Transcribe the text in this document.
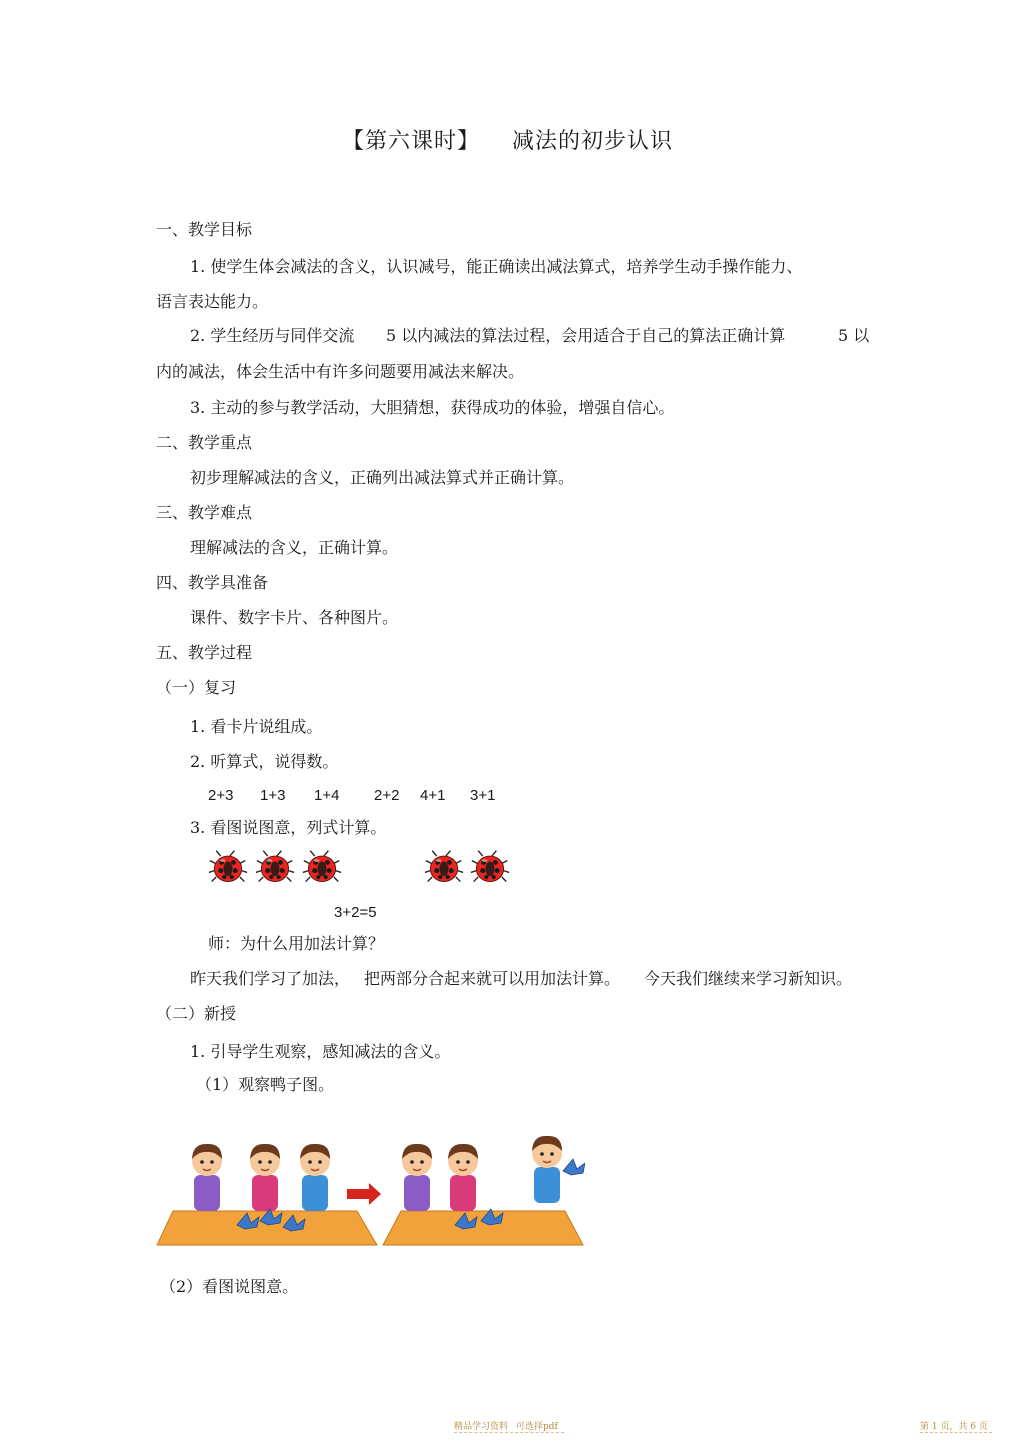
【第六课时】 减法的初步认识
一、教学目标
1. 使学生体会减法的含义，认识减号，能正确读出减法算式，培养学生动手操作能力、
语言表达能力。
2. 学生经历与同伴交流 5 以内减法的算法过程，会用适合于自己的算法正确计算	5 以
内的减法，体会生活中有许多问题要用减法来解决。
3. 主动的参与教学活动，大胆猜想，获得成功的体验，增强自信心。
二、教学重点
初步理解减法的含义，正确列出减法算式并正确计算。
三、教学难点
理解减法的含义，正确计算。
四、教学具准备
课件、数字卡片、各种图片。
五、教学过程
（一）复习
1. 看卡片说组成。
2. 听算式，说得数。
2+3 1+3 1+4 2+2 4+1 3+1
3. 看图说图意，列式计算。
3+2=5
师：为什么用加法计算？
昨天我们学习了加法， 把两部分合起来就可以用加法计算。 今天我们继续来学习新知识。
（二）新授
1. 引导学生观察，感知减法的含义。
（1）观察鸭子图。
（2）看图说图意。
精品学习资料 可选择pdf	第 1 页，共 6 页
